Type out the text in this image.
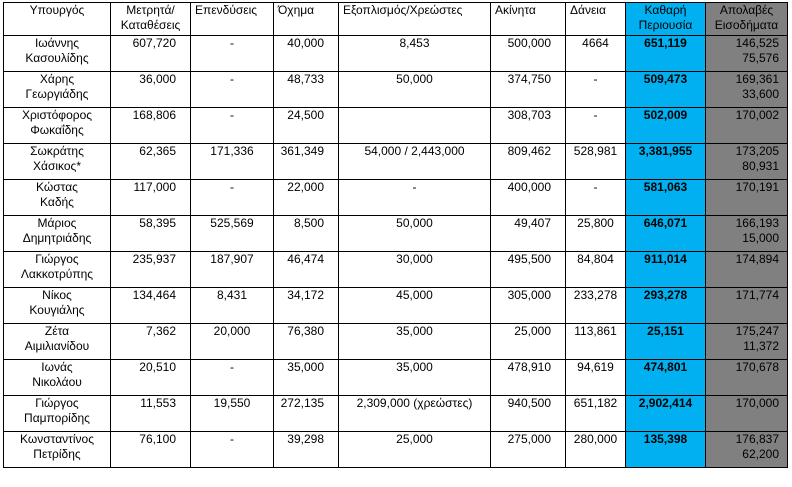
Υπουργός	Μετρητά/
Καταθέσεις	Επενδύσεις	Όχημα	Εξοπλισμός/Χρεώστες	Ακίνητα	Δάνεια	Καθαρή
Περιουσία	Απολαβές
Εισοδήματα

Ιωάννης
Κασουλίδης	607,720	-	40,000	8,453	500,000	4664	651,119	146,525
75,576

Χάρης
Γεωργιάδης	36,000	-	48,733	50,000	374,750	-	509,473	169,361
33,600

Χριστόφορος
Φωκαΐδης	168,806	-	24,500		308,703	-	502,009	170,002

Σωκράτης
Χάσικος*	62,365	171,336	361,349	54,000 / 2,443,000	809,462	528,981	3,381,955	173,205
80,931

Κώστας
Καδής	117,000	-	22,000	-	400,000	-	581,063	170,191

Μάριος
Δημητριάδης	58,395	525,569	8,500	50,000	49,407	25,800	646,071	166,193
15,000

Γιώργος
Λακκοτρύπης	235,937	187,907	46,474	30,000	495,500	84,804	911,014	174,894

Νίκος
Κουγιάλης	134,464	8,431	34,172	45,000	305,000	233,278	293,278	171,774

Ζέτα
Αιμιλιανίδου	7,362	20,000	76,380	35,000	25,000	113,861	25,151	175,247
11,372

Ιωνάς
Νικολάου	20,510	-	35,000	35,000	478,910	94,619	474,801	170,678

Γιώργος
Παμπορίδης	11,553	19,550	272,135	2,309,000 (χρεώστες)	940,500	651,182	2,902,414	170,000

Κωνσταντίνος
Πετρίδης	76,100	-	39,298	25,000	275,000	280,000	135,398	176,837
62,200
